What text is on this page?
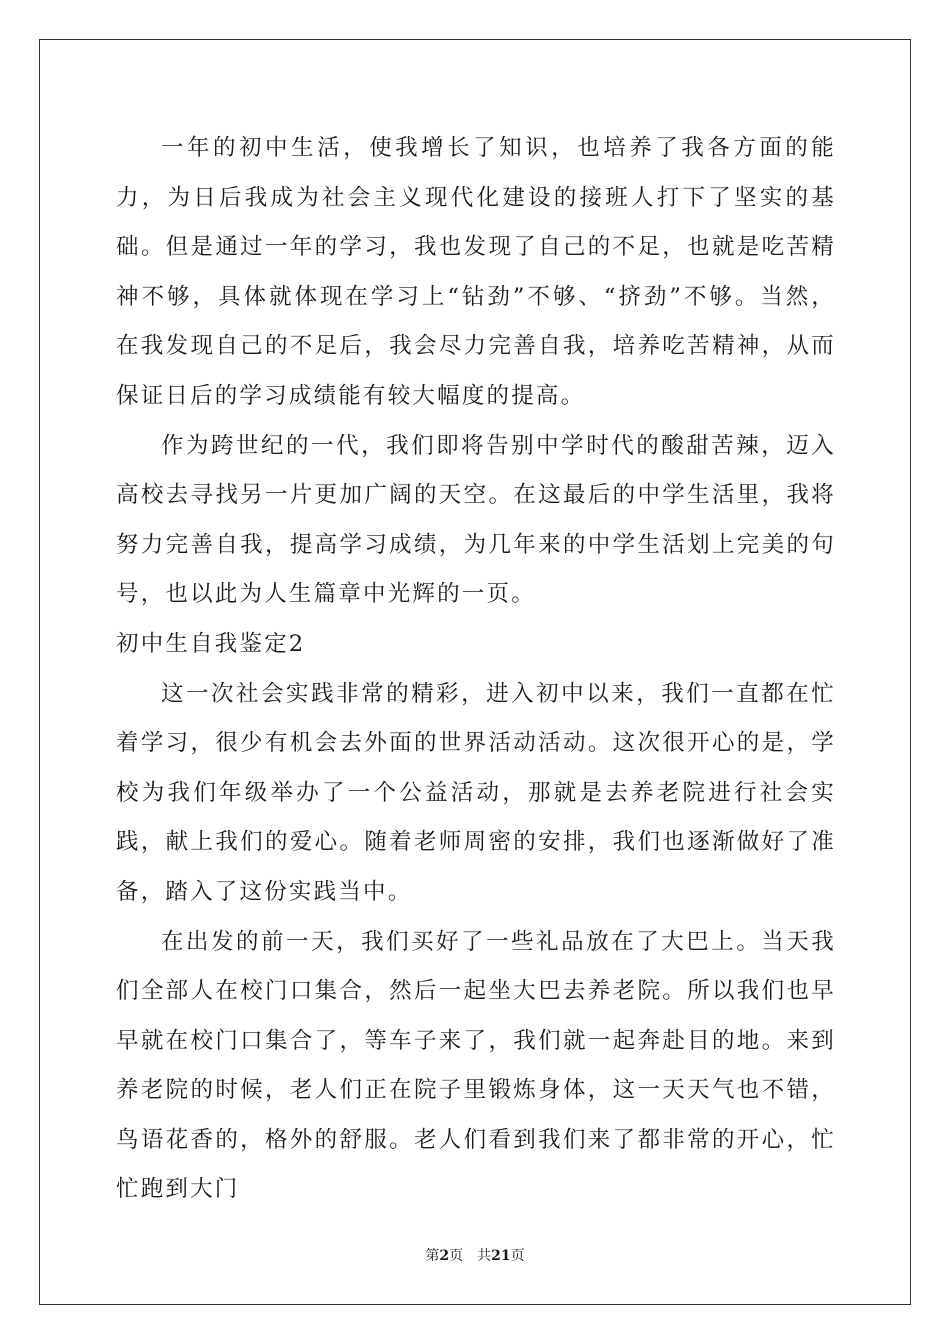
一年的初中生活，使我增长了知识，也培养了我各方面的能力，为日后我成为社会主义现代化建设的接班人打下了坚实的基础。但是通过一年的学习，我也发现了自己的不足，也就是吃苦精神不够，具体就体现在学习上“钻劲”不够、“挤劲”不够。当然，在我发现自己的不足后，我会尽力完善自我，培养吃苦精神，从而保证日后的学习成绩能有较大幅度的提高。

作为跨世纪的一代，我们即将告别中学时代的酸甜苦辣，迈入高校去寻找另一片更加广阔的天空。在这最后的中学生活里，我将努力完善自我，提高学习成绩，为几年来的中学生活划上完美的句号，也以此为人生篇章中光辉的一页。

初中生自我鉴定2

这一次社会实践非常的精彩，进入初中以来，我们一直都在忙着学习，很少有机会去外面的世界活动活动。这次很开心的是，学校为我们年级举办了一个公益活动，那就是去养老院进行社会实践，献上我们的爱心。随着老师周密的安排，我们也逐渐做好了准备，踏入了这份实践当中。

在出发的前一天，我们买好了一些礼品放在了大巴上。当天我们全部人在校门口集合，然后一起坐大巴去养老院。所以我们也早早就在校门口集合了，等车子来了，我们就一起奔赴目的地。来到养老院的时候，老人们正在院子里锻炼身体，这一天天气也不错，鸟语花香的，格外的舒服。老人们看到我们来了都非常的开心，忙忙跑到大门

第2页 共21页
